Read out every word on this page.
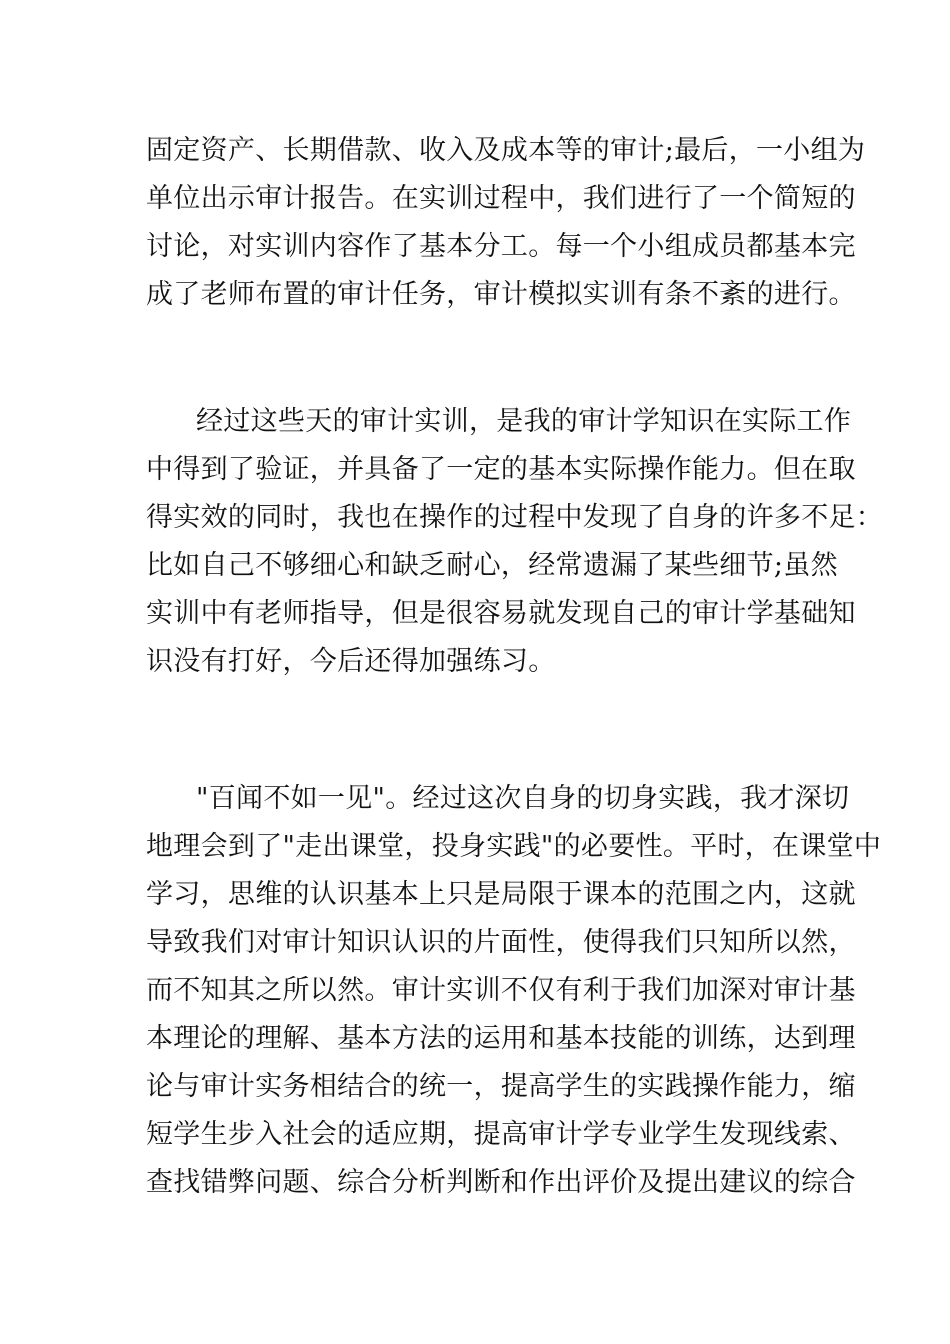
固定资产、长期借款、收入及成本等的审计;最后，一小组为
单位出示审计报告。在实训过程中，我们进行了一个简短的
讨论，对实训内容作了基本分工。每一个小组成员都基本完
成了老师布置的审计任务，审计模拟实训有条不紊的进行。
经过这些天的审计实训，是我的审计学知识在实际工作
中得到了验证，并具备了一定的基本实际操作能力。但在取
得实效的同时，我也在操作的过程中发现了自身的许多不足：
比如自己不够细心和缺乏耐心，经常遗漏了某些细节;虽然
实训中有老师指导，但是很容易就发现自己的审计学基础知
识没有打好，今后还得加强练习。
"百闻不如一见"。经过这次自身的切身实践，我才深切
地理会到了"走出课堂，投身实践"的必要性。平时，在课堂中
学习，思维的认识基本上只是局限于课本的范围之内，这就
导致我们对审计知识认识的片面性，使得我们只知所以然，
而不知其之所以然。审计实训不仅有利于我们加深对审计基
本理论的理解、基本方法的运用和基本技能的训练，达到理
论与审计实务相结合的统一，提高学生的实践操作能力，缩
短学生步入社会的适应期，提高审计学专业学生发现线索、
查找错弊问题、综合分析判断和作出评价及提出建议的综合
